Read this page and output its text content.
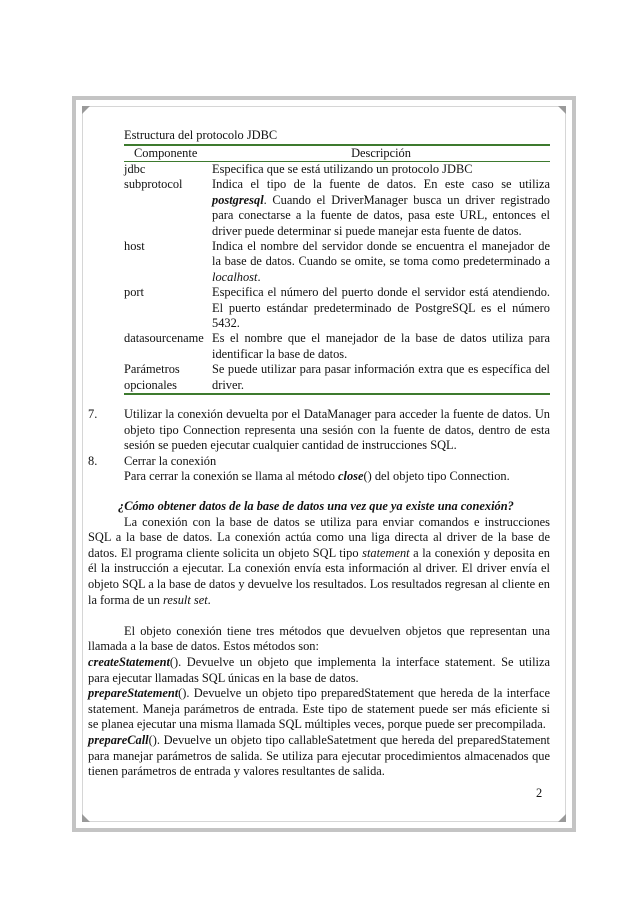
Estructura del protocolo JDBC
Componente	Descripción
jdbc	Especifica que se está utilizando un protocolo JDBC
subprotocol	Indica el tipo de la fuente de datos. En este caso se utiliza postgresql. Cuando el DriverManager busca un driver registrado para conectarse a la fuente de datos, pasa este URL, entonces el driver puede determinar si puede manejar esta fuente de datos.
host	Indica el nombre del servidor donde se encuentra el manejador de la base de datos. Cuando se omite, se toma como predeterminado a localhost.
port	Especifica el número del puerto donde el servidor está atendiendo. El puerto estándar predeterminado de PostgreSQL es el número 5432.
datasourcename	Es el nombre que el manejador de la base de datos utiliza para identificar la base de datos.
Parámetros opcionales	Se puede utilizar para pasar información extra que es específica del driver.
7. Utilizar la conexión devuelta por el DataManager para acceder la fuente de datos. Un objeto tipo Connection representa una sesión con la fuente de datos, dentro de esta sesión se pueden ejecutar cualquier cantidad de instrucciones SQL.
8. Cerrar la conexión
Para cerrar la conexión se llama al método close() del objeto tipo Connection.
¿Cómo obtener datos de la base de datos una vez que ya existe una conexión?

La conexión con la base de datos se utiliza para enviar comandos e instrucciones SQL a la base de datos. La conexión actúa como una liga directa al driver de la base de datos. El programa cliente solicita un objeto SQL tipo statement a la conexión y deposita en él la instrucción a ejecutar. La conexión envía esta información al driver. El driver envía el objeto SQL a la base de datos y devuelve los resultados. Los resultados regresan al cliente en la forma de un result set.

El objeto conexión tiene tres métodos que devuelven objetos que representan una llamada a la base de datos. Estos métodos son:

createStatement(). Devuelve un objeto que implementa la interface statement. Se utiliza para ejecutar llamadas SQL únicas en la base de datos.

prepareStatement(). Devuelve un objeto tipo preparedStatement que hereda de la interface statement. Maneja parámetros de entrada. Este tipo de statement puede ser más eficiente si se planea ejecutar una misma llamada SQL múltiples veces, porque puede ser precompilada.

prepareCall(). Devuelve un objeto tipo callableSatetment que hereda del preparedStatement para manejar parámetros de salida. Se utiliza para ejecutar procedimientos almacenados que tienen parámetros de entrada y valores resultantes de salida.

2
